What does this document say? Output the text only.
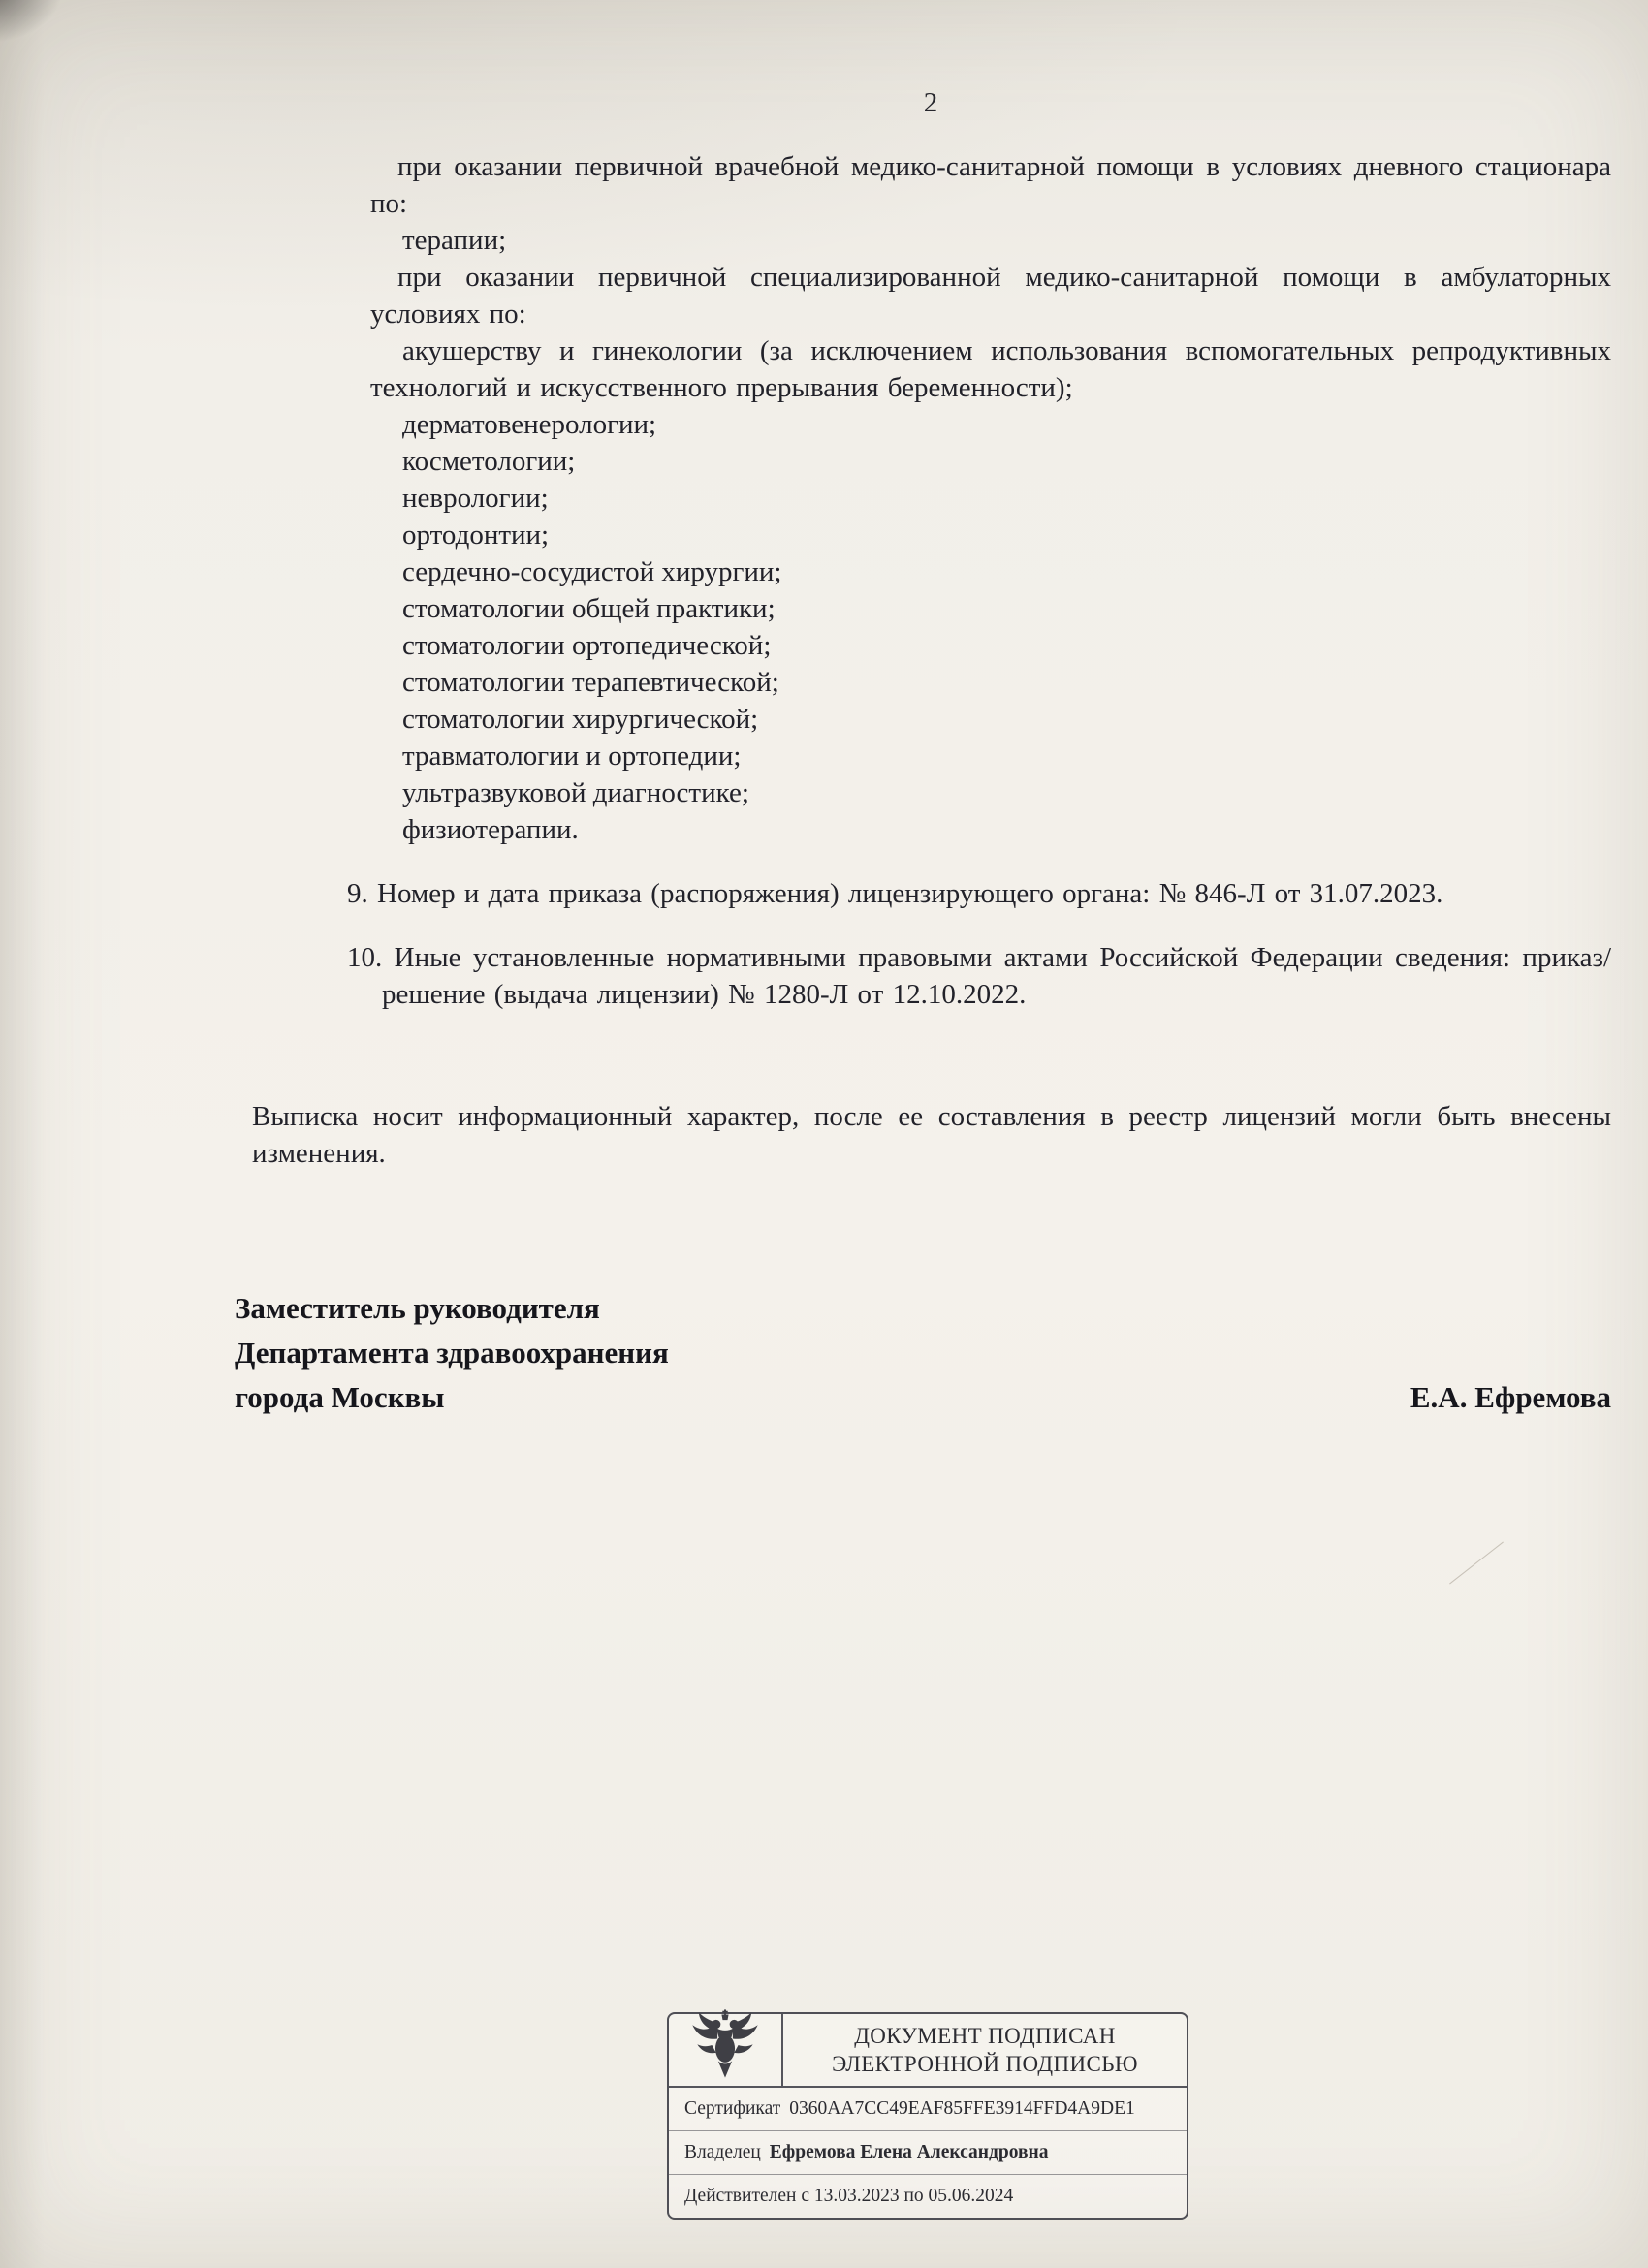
2

при оказании первичной врачебной медико-санитарной помощи в условиях дневного стационара по:

терапии;

при оказании первичной специализированной медико-санитарной помощи в амбулаторных условиях по:

акушерству и гинекологии (за исключением использования вспомогательных репродуктивных технологий и искусственного прерывания беременности);

дерматовенерологии;
косметологии;
неврологии;
ортодонтии;
сердечно-сосудистой хирургии;
стоматологии общей практики;
стоматологии ортопедической;
стоматологии терапевтической;
стоматологии хирургической;
травматологии и ортопедии;
ультразвуковой диагностике;
физиотерапии.
9. Номер и дата приказа (распоряжения) лицензирующего органа: № 846-Л от 31.07.2023.
10. Иные установленные нормативными правовыми актами Российской Федерации сведения: приказ/решение (выдача лицензии) № 1280-Л от 12.10.2022.
Выписка носит информационный характер, после ее составления в реестр лицензий могли быть внесены изменения.
Заместитель руководителя
Департамента здравоохранения
города Москвы	Е.А. Ефремова
ДОКУМЕНТ ПОДПИСАН
ЭЛЕКТРОННОЙ ПОДПИСЬЮ
Сертификат 0360AA7CC49EAF85FFE3914FFD4A9DE1
Владелец Ефремова Елена Александровна
Действителен с 13.03.2023 по 05.06.2024
